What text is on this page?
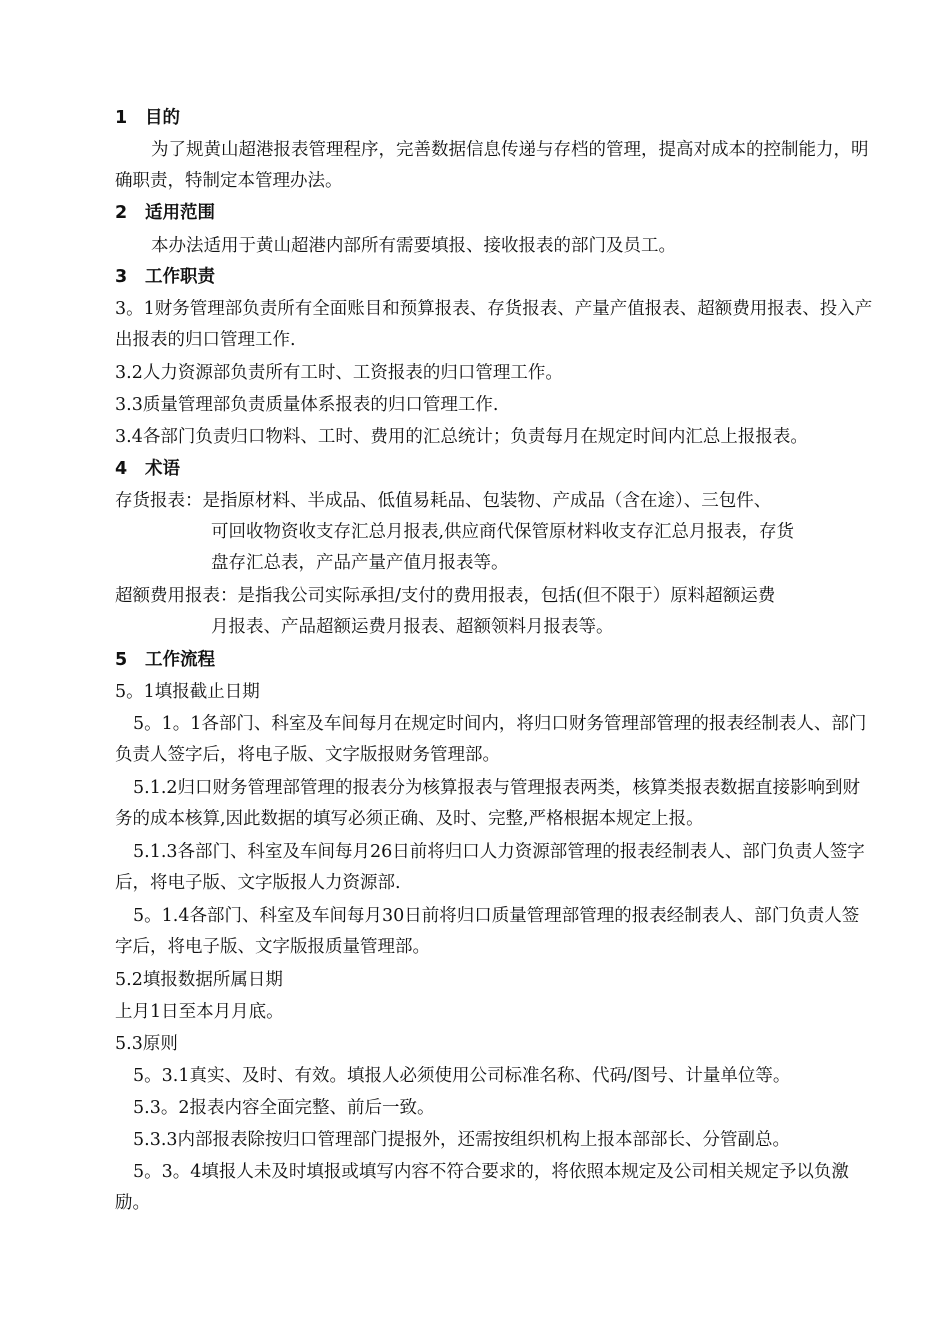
1 目的
为了规黄山超港报表管理程序，完善数据信息传递与存档的管理，提高对成本的控制能力，明确职责，特制定本管理办法。
2 适用范围
本办法适用于黄山超港内部所有需要填报、接收报表的部门及员工。
3 工作职责
3。1财务管理部负责所有全面账目和预算报表、存货报表、产量产值报表、超额费用报表、投入产出报表的归口管理工作.
3.2人力资源部负责所有工时、工资报表的归口管理工作。
3.3质量管理部负责质量体系报表的归口管理工作.
3.4各部门负责归口物料、工时、费用的汇总统计；负责每月在规定时间内汇总上报报表。
4 术语
存货报表：是指原材料、半成品、低值易耗品、包装物、产成品（含在途）、三包件、
可回收物资收支存汇总月报表,供应商代保管原材料收支存汇总月报表，存货
盘存汇总表，产品产量产值月报表等。
超额费用报表：是指我公司实际承担/支付的费用报表，包括(但不限于）原料超额运费
月报表、产品超额运费月报表、超额领料月报表等。
5 工作流程
5。1填报截止日期
5。1。1各部门、科室及车间每月在规定时间内，将归口财务管理部管理的报表经制表人、部门负责人签字后，将电子版、文字版报财务管理部。
5.1.2归口财务管理部管理的报表分为核算报表与管理报表两类，核算类报表数据直接影响到财务的成本核算,因此数据的填写必须正确、及时、完整,严格根据本规定上报。
5.1.3各部门、科室及车间每月26日前将归口人力资源部管理的报表经制表人、部门负责人签字后，将电子版、文字版报人力资源部.
5。1.4各部门、科室及车间每月30日前将归口质量管理部管理的报表经制表人、部门负责人签字后，将电子版、文字版报质量管理部。
5.2填报数据所属日期
上月1日至本月月底。
5.3原则
5。3.1真实、及时、有效。填报人必须使用公司标准名称、代码/图号、计量单位等。
5.3。2报表内容全面完整、前后一致。
5.3.3内部报表除按归口管理部门提报外，还需按组织机构上报本部部长、分管副总。
5。3。4填报人未及时填报或填写内容不符合要求的，将依照本规定及公司相关规定予以负激励。
